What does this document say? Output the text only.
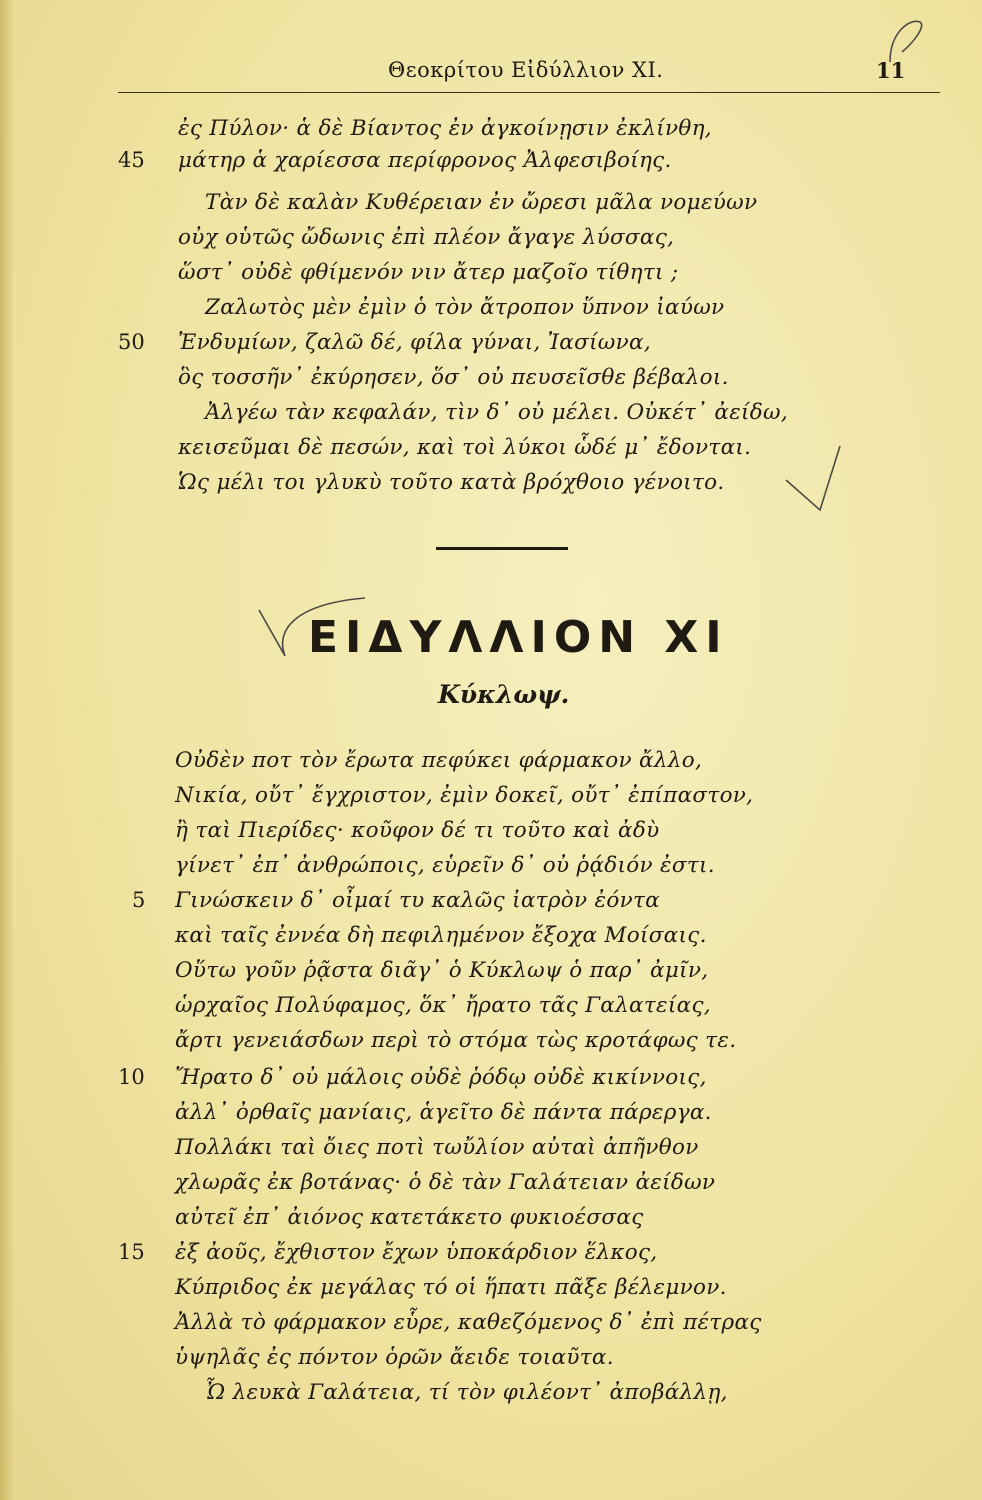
Θεοκρίτου Εἰδύλλιον ΧΙ.	11
45
50
ἐς Πύλον· ἁ δὲ Βίαντος ἐν ἀγκοίνῃσιν ἐκλίνθη,
μάτηρ ἁ χαρίεσσα περίφρονος Ἀλφεσιβοίης.
Τὰν δὲ καλὰν Κυθέρειαν ἐν ὤρεσι μᾶλα νομεύων
οὐχ οὑτῶς ὤδωνις ἐπὶ πλέον ἄγαγε λύσσας,
ὥστ᾽ οὐδὲ φθίμενόν νιν ἄτερ μαζοῖο τίθητι ;
Ζαλωτὸς μὲν ἐμὶν ὁ τὸν ἄτροπον ὕπνον ἰαύων
Ἐνδυμίων, ζαλῶ δέ, φίλα γύναι, Ἰασίωνα,
ὃς τοσσῆν᾽ ἐκύρησεν, ὅσ᾽ οὐ πευσεῖσθε βέβαλοι.
Ἀλγέω τὰν κεφαλάν, τὶν δ᾽ οὐ μέλει. Οὐκέτ᾽ ἀείδω,
κεισεῦμαι δὲ πεσών, καὶ τοὶ λύκοι ὧδέ μ᾽ ἔδονται.
Ὡς μέλι τοι γλυκὺ τοῦτο κατὰ βρόχθοιο γένοιτο.
ΕΙΔΥΛΛΙΟΝ ΧΙ
Κύκλωψ.
5
10
15
Οὐδὲν ποτ τὸν ἔρωτα πεφύκει φάρμακον ἄλλο,
Νικία, οὔτ᾽ ἔγχριστον, ἐμὶν δοκεῖ, οὔτ᾽ ἐπίπαστον,
ἢ ταὶ Πιερίδες· κοῦφον δέ τι τοῦτο καὶ ἀδὺ
γίνετ᾽ ἐπ᾽ ἀνθρώποις, εὑρεῖν δ᾽ οὐ ῥᾴδιόν ἐστι.
Γινώσκειν δ᾽ οἶμαί τυ καλῶς ἰατρὸν ἐόντα
καὶ ταῖς ἐννέα δὴ πεφιλημένον ἔξοχα Μοίσαις.
Οὕτω γοῦν ῥᾷστα διᾶγ᾽ ὁ Κύκλωψ ὁ παρ᾽ ἀμῖν,
ὡρχαῖος Πολύφαμος, ὅκ᾽ ἤρατο τᾶς Γαλατείας,
ἄρτι γενειάσδων περὶ τὸ στόμα τὼς κροτάφως τε.
Ἤρατο δ᾽ οὐ μάλοις οὐδὲ ῥόδῳ οὐδὲ κικίννοις,
ἀλλ᾽ ὀρθαῖς μανίαις, ἁγεῖτο δὲ πάντα πάρεργα.
Πολλάκι ταὶ ὄιες ποτὶ τωὔλίον αὐταὶ ἀπῆνθον
χλωρᾶς ἐκ βοτάνας· ὁ δὲ τὰν Γαλάτειαν ἀείδων
αὐτεῖ ἐπ᾽ ἀιόνος κατετάκετο φυκιοέσσας
ἐξ ἀοῦς, ἔχθιστον ἔχων ὑποκάρδιον ἕλκος,
Κύπριδος ἐκ μεγάλας τό οἱ ἥπατι πᾶξε βέλεμνον.
Ἀλλὰ τὸ φάρμακον εὗρε, καθεζόμενος δ᾽ ἐπὶ πέτρας
ὑψηλᾶς ἐς πόντον ὁρῶν ἄειδε τοιαῦτα.
Ὦ λευκὰ Γαλάτεια, τί τὸν φιλέοντ᾽ ἀποβάλλῃ,
